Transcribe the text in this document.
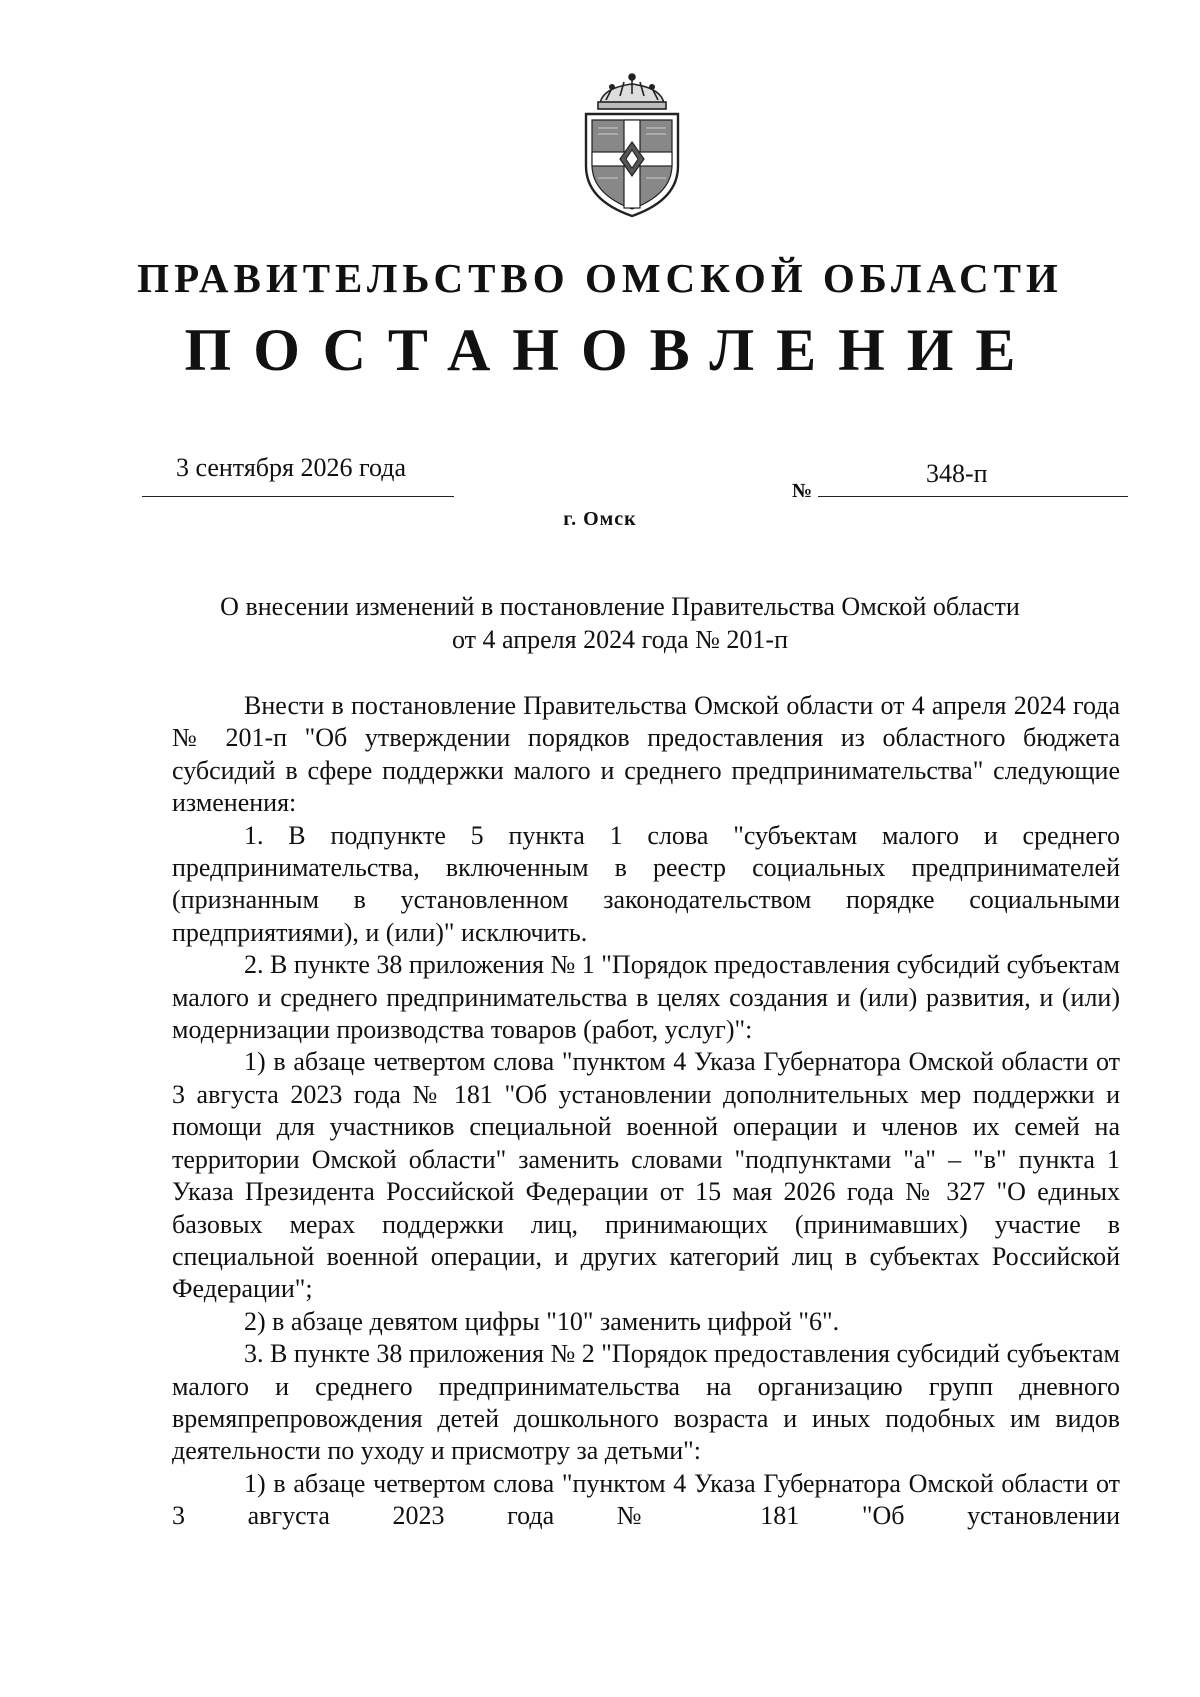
ПРАВИТЕЛЬСТВО ОМСКОЙ ОБЛАСТИ
ПОСТАНОВЛЕНИЕ
3 сентября 2026 года
№
348-п
г. Омск
О внесении изменений в постановление Правительства Омской области
от 4 апреля 2024 года № 201-п

Внести в постановление Правительства Омской области от 4 апреля 2024 года № 201-п "Об утверждении порядков предоставления из областного бюджета субсидий в сфере поддержки малого и среднего предпринимательства" следующие изменения:

1. В подпункте 5 пункта 1 слова "субъектам малого и среднего предпринимательства, включенным в реестр социальных предпринимателей (признанным в установленном законодательством порядке социальными предприятиями), и (или)" исключить.

2. В пункте 38 приложения № 1 "Порядок предоставления субсидий субъектам малого и среднего предпринимательства в целях создания и (или) развития, и (или) модернизации производства товаров (работ, услуг)":

1) в абзаце четвертом слова "пунктом 4 Указа Губернатора Омской области от 3 августа 2023 года № 181 "Об установлении дополнительных мер поддержки и помощи для участников специальной военной операции и членов их семей на территории Омской области" заменить словами "подпунктами "а" – "в" пункта 1 Указа Президента Российской Федерации от 15 мая 2026 года № 327 "О единых базовых мерах поддержки лиц, принимающих (принимавших) участие в специальной военной операции, и других категорий лиц в субъектах Российской Федерации";

2) в абзаце девятом цифры "10" заменить цифрой "6".

3. В пункте 38 приложения № 2 "Порядок предоставления субсидий субъектам малого и среднего предпринимательства на организацию групп дневного времяпрепровождения детей дошкольного возраста и иных подобных им видов деятельности по уходу и присмотру за детьми":

1) в абзаце четвертом слова "пунктом 4 Указа Губернатора Омской области от 3 августа 2023 года № 181 "Об установлении
